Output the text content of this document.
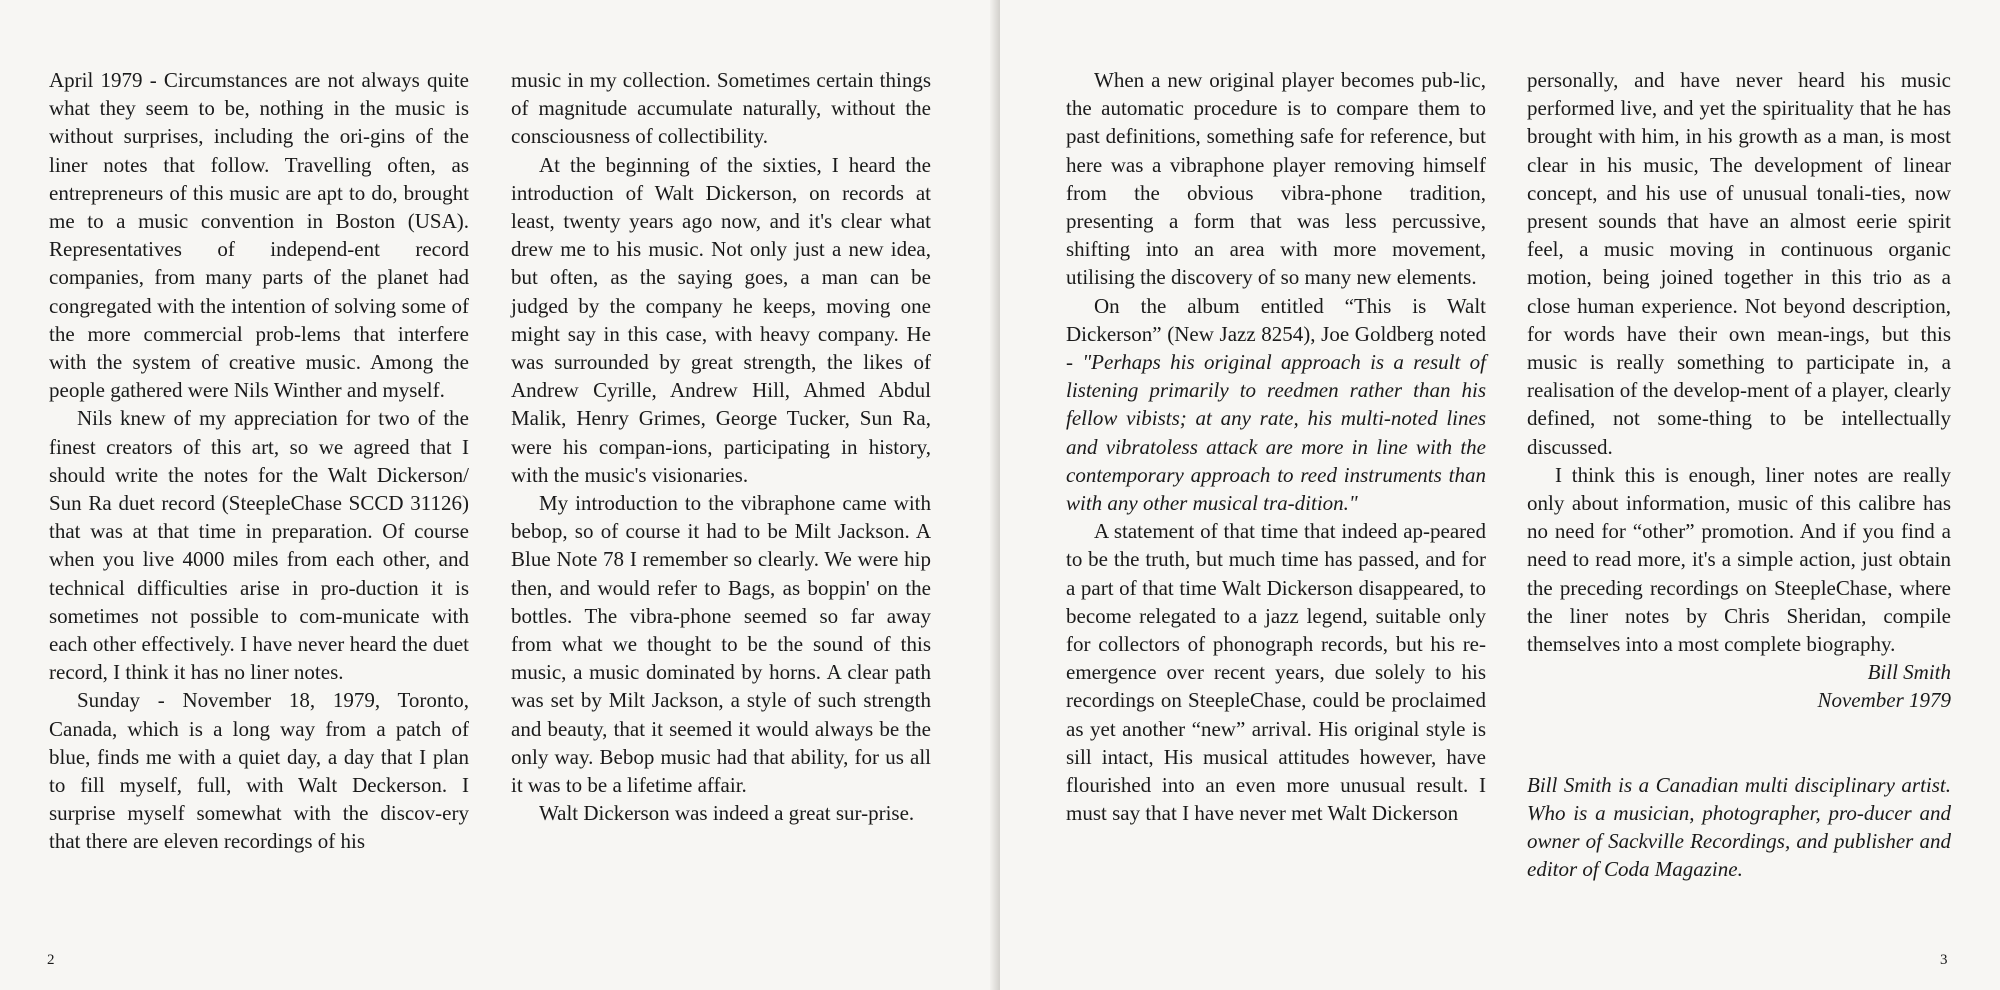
April 1979 - Circumstances are not always quite what they seem to be, nothing in the music is without surprises, including the ori-gins of the liner notes that follow. Travelling often, as entrepreneurs of this music are apt to do, brought me to a music convention in Boston (USA). Representatives of independ-ent record companies, from many parts of the planet had congregated with the intention of solving some of the more commercial prob-lems that interfere with the system of creative music. Among the people gathered were Nils Winther and myself.

Nils knew of my appreciation for two of the finest creators of this art, so we agreed that I should write the notes for the Walt Dickerson/ Sun Ra duet record (SteepleChase SCCD 31126) that was at that time in preparation. Of course when you live 4000 miles from each other, and technical difficulties arise in pro-duction it is sometimes not possible to com-municate with each other effectively. I have never heard the duet record, I think it has no liner notes.

Sunday - November 18, 1979, Toronto, Canada, which is a long way from a patch of blue, finds me with a quiet day, a day that I plan to fill myself, full, with Walt Deckerson. I surprise myself somewhat with the discov-ery that there are eleven recordings of his

music in my collection. Sometimes certain things of magnitude accumulate naturally, without the consciousness of collectibility.

At the beginning of the sixties, I heard the introduction of Walt Dickerson, on records at least, twenty years ago now, and it's clear what drew me to his music. Not only just a new idea, but often, as the saying goes, a man can be judged by the company he keeps, moving one might say in this case, with heavy company. He was surrounded by great strength, the likes of Andrew Cyrille, Andrew Hill, Ahmed Abdul Malik, Henry Grimes, George Tucker, Sun Ra, were his compan-ions, participating in history, with the music's visionaries.

My introduction to the vibraphone came with bebop, so of course it had to be Milt Jackson. A Blue Note 78 I remember so clearly. We were hip then, and would refer to Bags, as boppin' on the bottles. The vibra-phone seemed so far away from what we thought to be the sound of this music, a music dominated by horns. A clear path was set by Milt Jackson, a style of such strength and beauty, that it seemed it would always be the only way. Bebop music had that ability, for us all it was to be a lifetime affair.

Walt Dickerson was indeed a great sur-prise.

2

When a new original player becomes pub-lic, the automatic procedure is to compare them to past definitions, something safe for reference, but here was a vibraphone player removing himself from the obvious vibra-phone tradition, presenting a form that was less percussive, shifting into an area with more movement, utilising the discovery of so many new elements.

On the album entitled “This is Walt Dickerson” (New Jazz 8254), Joe Goldberg noted - "Perhaps his original approach is a result of listening primarily to reedmen rather than his fellow vibists; at any rate, his multi-noted lines and vibratoless attack are more in line with the contemporary approach to reed instruments than with any other musical tra-dition."

A statement of that time that indeed ap-peared to be the truth, but much time has passed, and for a part of that time Walt Dickerson disappeared, to become relegated to a jazz legend, suitable only for collectors of phonograph records, but his re-emergence over recent years, due solely to his recordings on SteepleChase, could be proclaimed as yet another “new” arrival. His original style is sill intact, His musical attitudes however, have flourished into an even more unusual result. I must say that I have never met Walt Dickerson

personally, and have never heard his music performed live, and yet the spirituality that he has brought with him, in his growth as a man, is most clear in his music, The development of linear concept, and his use of unusual tonali-ties, now present sounds that have an almost eerie spirit feel, a music moving in continuous organic motion, being joined together in this trio as a close human experience. Not beyond description, for words have their own mean-ings, but this music is really something to participate in, a realisation of the develop-ment of a player, clearly defined, not some-thing to be intellectually discussed.

I think this is enough, liner notes are really only about information, music of this calibre has no need for “other” promotion. And if you find a need to read more, it's a simple action, just obtain the preceding recordings on SteepleChase, where the liner notes by Chris Sheridan, compile themselves into a most complete biography.

Bill Smith

November 1979

Bill Smith is a Canadian multi disciplinary artist. Who is a musician, photographer, pro-ducer and owner of Sackville Recordings, and publisher and editor of Coda Magazine.

3
